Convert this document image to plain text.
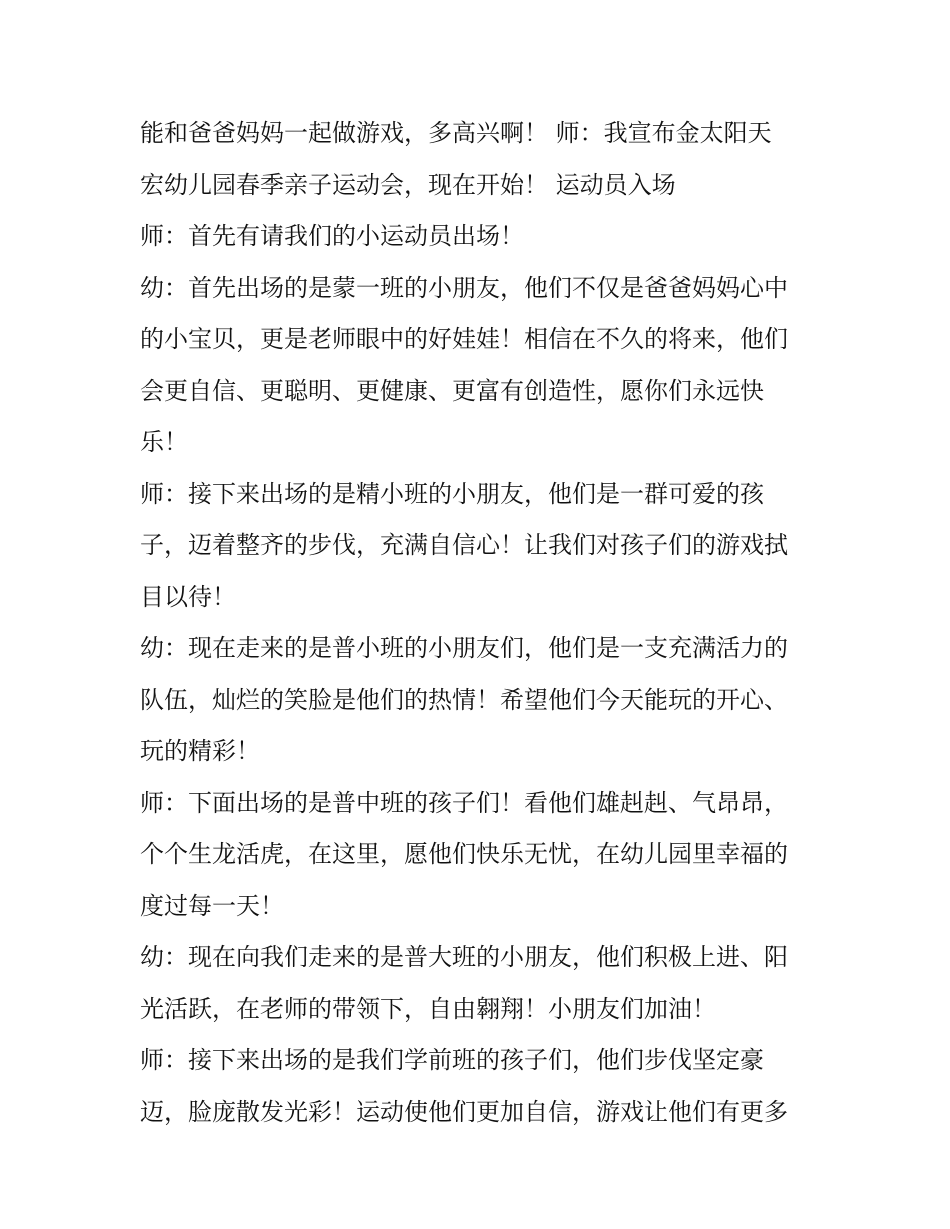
能和爸爸妈妈一起做游戏，多高兴啊！ 师：我宣布金太阳天
宏幼儿园春季亲子运动会，现在开始！ 运动员入场
师：首先有请我们的小运动员出场！
幼：首先出场的是蒙一班的小朋友，他们不仅是爸爸妈妈心中
的小宝贝，更是老师眼中的好娃娃！相信在不久的将来，他们
会更自信、更聪明、更健康、更富有创造性，愿你们永远快
乐！
师：接下来出场的是精小班的小朋友，他们是一群可爱的孩
子，迈着整齐的步伐，充满自信心！让我们对孩子们的游戏拭
目以待！
幼：现在走来的是普小班的小朋友们，他们是一支充满活力的
队伍，灿烂的笑脸是他们的热情！希望他们今天能玩的开心、
玩的精彩！
师：下面出场的是普中班的孩子们！看他们雄赳赳、气昂昂，
个个生龙活虎，在这里，愿他们快乐无忧，在幼儿园里幸福的
度过每一天！
幼：现在向我们走来的是普大班的小朋友，他们积极上进、阳
光活跃，在老师的带领下，自由翱翔！小朋友们加油！
师：接下来出场的是我们学前班的孩子们，他们步伐坚定豪
迈，脸庞散发光彩！运动使他们更加自信，游戏让他们有更多
